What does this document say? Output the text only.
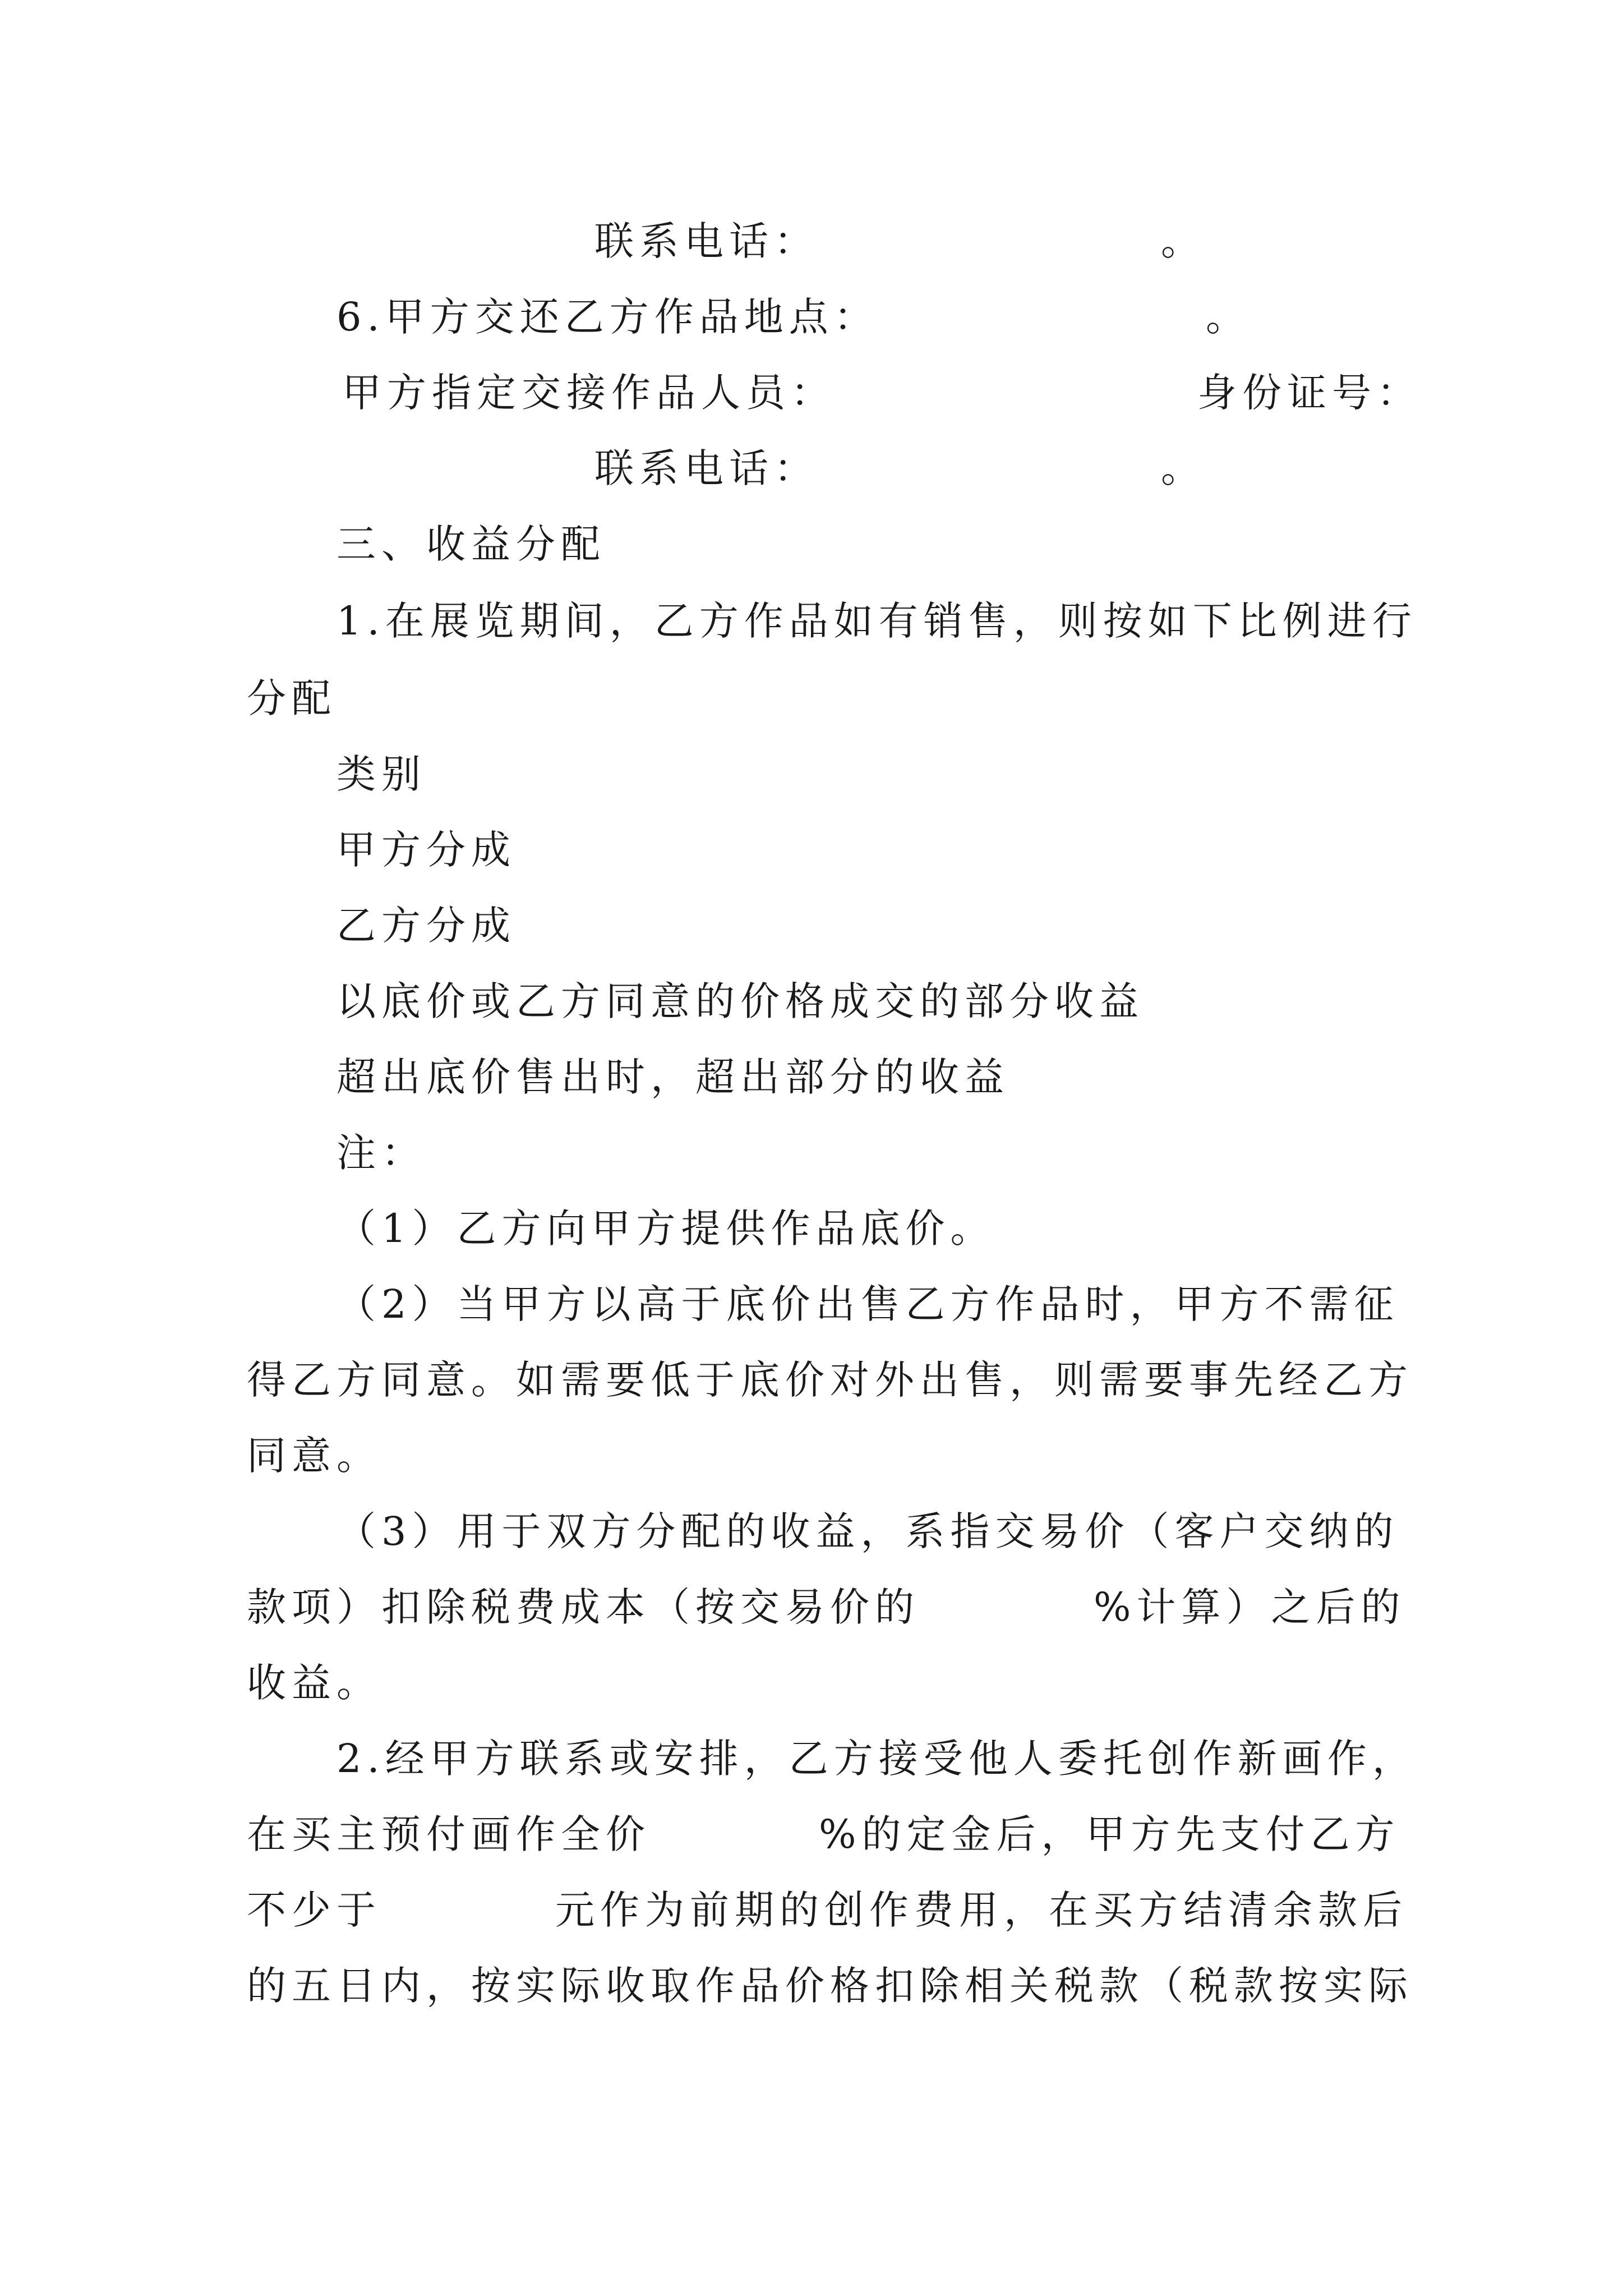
联系电话：	。
6.甲方交还乙方作品地点：	。
甲方指定交接作品人员：	身份证号：
联系电话：	。
三、收益分配
1.在展览期间，乙方作品如有销售，则按如下比例进行
分配
类别
甲方分成
乙方分成
以底价或乙方同意的价格成交的部分收益
超出底价售出时，超出部分的收益
注：
（1）乙方向甲方提供作品底价。
（2）当甲方以高于底价出售乙方作品时，甲方不需征
得乙方同意。如需要低于底价对外出售，则需要事先经乙方
同意。
（3）用于双方分配的收益，系指交易价（客户交纳的
款项）扣除税费成本（按交易价的	%计算）之后的
收益。
2.经甲方联系或安排，乙方接受他人委托创作新画作，
在买主预付画作全价	%的定金后，甲方先支付乙方
不少于	元作为前期的创作费用，在买方结清余款后
的五日内，按实际收取作品价格扣除相关税款（税款按实际
